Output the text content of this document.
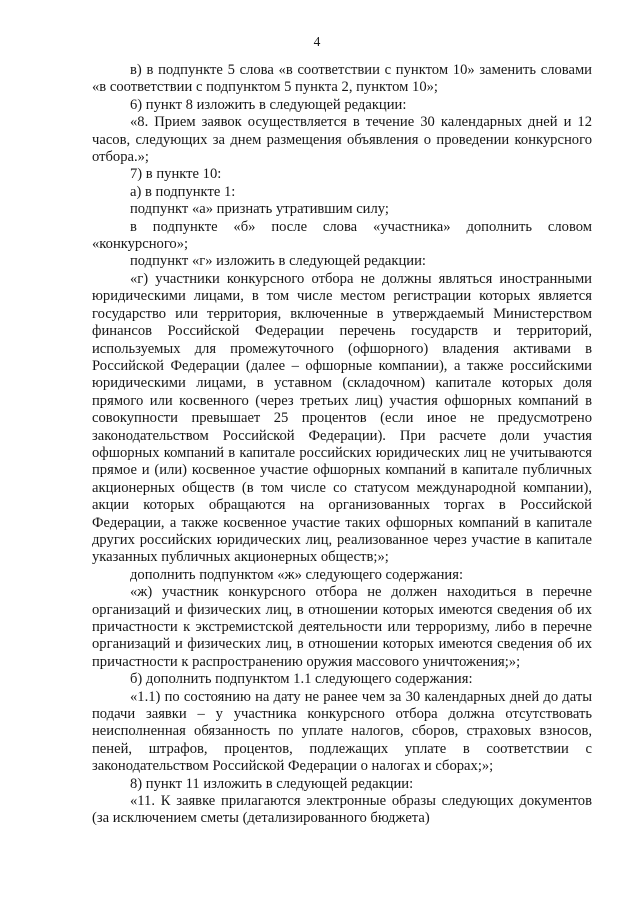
4

в) в подпункте 5 слова «в соответствии с пунктом 10» заменить словами «в соответствии с подпунктом 5 пункта 2, пунктом 10»;

6) пункт 8 изложить в следующей редакции:

«8. Прием заявок осуществляется в течение 30 календарных дней и 12 часов, следующих за днем размещения объявления о проведении конкурсного отбора.»;

7) в пункте 10:

а) в подпункте 1:

подпункт «а» признать утратившим силу;

в подпункте «б» после слова «участника» дополнить словом «конкурсного»;

подпункт «г» изложить в следующей редакции:

«г) участники конкурсного отбора не должны являться иностранными юридическими лицами, в том числе местом регистрации которых является государство или территория, включенные в утверждаемый Министерством финансов Российской Федерации перечень государств и территорий, используемых для промежуточного (офшорного) владения активами в Российской Федерации (далее – офшорные компании), а также российскими юридическими лицами, в уставном (складочном) капитале которых доля прямого или косвенного (через третьих лиц) участия офшорных компаний в совокупности превышает 25 процентов (если иное не предусмотрено законодательством Российской Федерации). При расчете доли участия офшорных компаний в капитале российских юридических лиц не учитываются прямое и (или) косвенное участие офшорных компаний в капитале публичных акционерных обществ (в том числе со статусом международной компании), акции которых обращаются на организованных торгах в Российской Федерации, а также косвенное участие таких офшорных компаний в капитале других российских юридических лиц, реализованное через участие в капитале указанных публичных акционерных обществ;»;

дополнить подпунктом «ж» следующего содержания:

«ж) участник конкурсного отбора не должен находиться в перечне организаций и физических лиц, в отношении которых имеются сведения об их причастности к экстремистской деятельности или терроризму, либо в перечне организаций и физических лиц, в отношении которых имеются сведения об их причастности к распространению оружия массового уничтожения;»;

б) дополнить подпунктом 1.1 следующего содержания:

«1.1) по состоянию на дату не ранее чем за 30 календарных дней до даты подачи заявки – у участника конкурсного отбора должна отсутствовать неисполненная обязанность по уплате налогов, сборов, страховых взносов, пеней, штрафов, процентов, подлежащих уплате в соответствии с законодательством Российской Федерации о налогах и сборах;»;

8) пункт 11 изложить в следующей редакции:

«11. К заявке прилагаются электронные образы следующих документов (за исключением сметы (детализированного бюджета)
